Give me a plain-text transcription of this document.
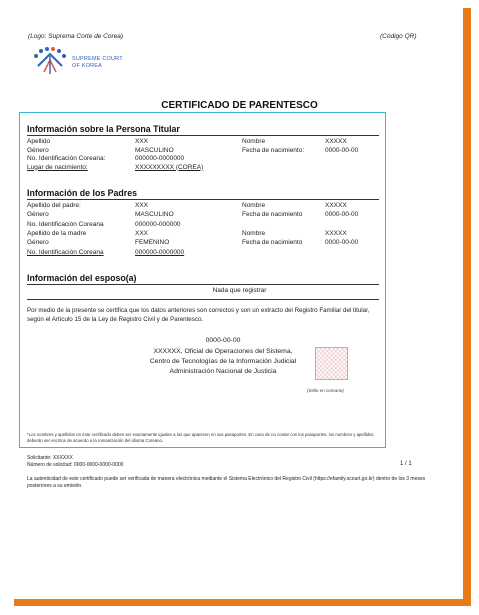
(Logo: Suprema Corte de Corea)	(Código QR)
SUPREME COURT
OF KOREA
CERTIFICADO DE PARENTESCO
Información sobre la Persona Titular
Apellido	XXX	Nombre	XXXXX
Género	MASCULINO	Fecha de nacimiento:	0000-00-00
No. Identificación Coreana:	000000-0000000
Lugar de nacimiento:	XXXXXXXXX (COREA)
Información de los Padres
Apellido del padre:	XXX	Nombre	XXXXX
Género	MASCULINO	Fecha de nacimiento	0000-00-00
No. Identificación Coreana	000000-000000
Apellido de la madre	XXX	Nombre	XXXXX
Género	FEMENINO	Fecha de nacimiento	0000-00-00
No. Identificación Coreana	000000-0000000
Información del esposo(a)
Nada que registrar
Por medio de la presente se certifica que los datos anteriores son correctos y son un extracto del Registro Familiar del titular, según el Artículo 15 de la Ley de Registro Civil y de Parentesco.
0000-00-00
XXXXXX, Oficial de Operaciones del Sistema,
Centro de Tecnologías de la Información Judicial
Administración Nacional de Justicia
(Sello en coreano)
*Los nombres y apellidos en este certificado deben ser exactamente iguales a los que aparecen en sus pasaportes. En caso de no contar con los pasaportes, los nombres y apellidos deberán ser escritos de acuerdo a la romanización del idioma Coreano.
Solicitante: XXXXXX
Número de solicitud: 0000-0000-0000-0000	1 / 1
La autenticidad de este certificado puede ser verificada de manera electrónica mediante el Sistema Electrónico del Registro Civil (https://efamily.scourt.go.kr) dentro de los 3 meses posteriores a su emisión.
